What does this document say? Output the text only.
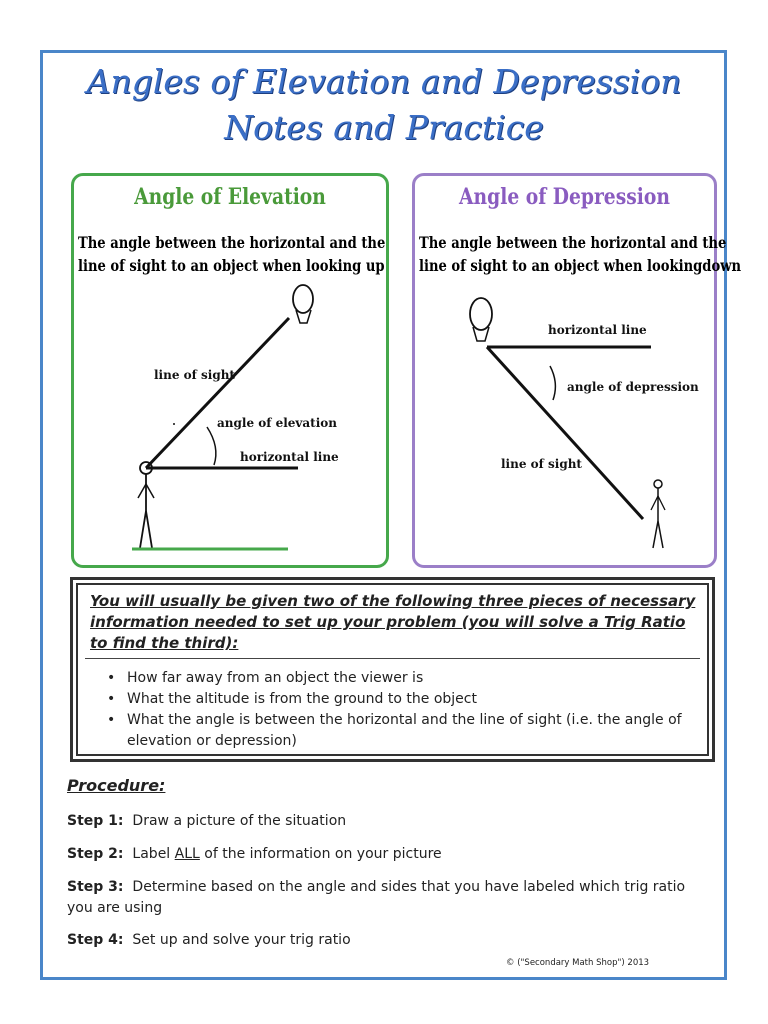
Angles of Elevation and Depression
Notes and Practice
Angle of Elevation
The angle between the horizontal and the
line of sight to an object when looking up
line of sight
angle of elevation
horizontal line
Angle of Depression
The angle between the horizontal and the
line of sight to an object when lookingdown
horizontal line
angle of depression
line of sight
You will usually be given two of the following three pieces of necessary information needed to set up your problem (you will solve a Trig Ratio to find the third):
• How far away from an object the viewer is
• What the altitude is from the ground to the object
• What the angle is between the horizontal and the line of sight (i.e. the angle of elevation or depression)
Procedure:
Step 1: Draw a picture of the situation
Step 2: Label ALL of the information on your picture
Step 3: Determine based on the angle and sides that you have labeled which trig ratio you are using
Step 4: Set up and solve your trig ratio
© ("Secondary Math Shop") 2013
